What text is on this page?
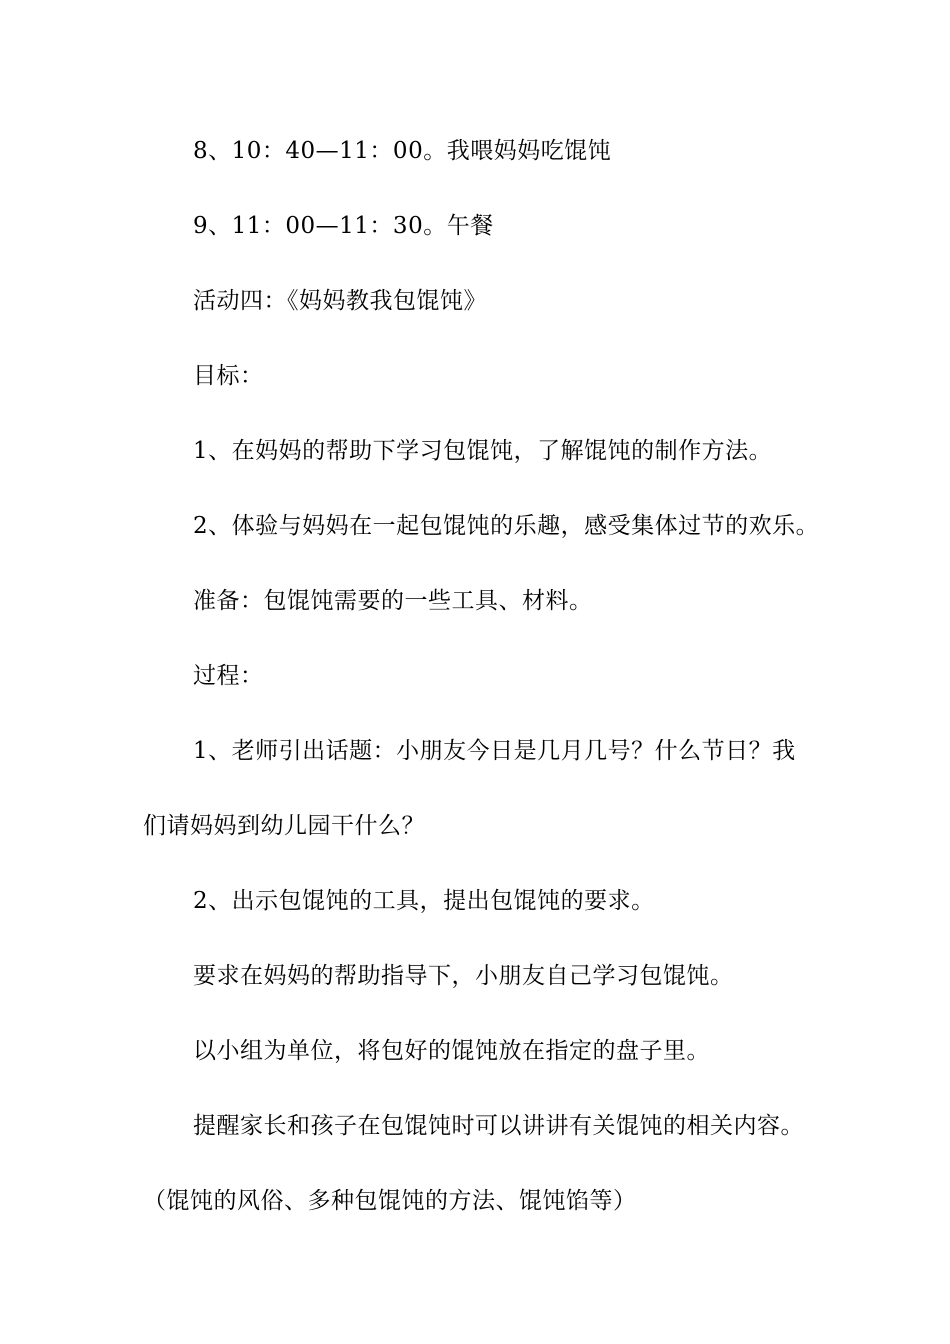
8、10：40—11：00。我喂妈妈吃馄饨
9、11：00—11：30。午餐
活动四：《妈妈教我包馄饨》
目标：
1、在妈妈的帮助下学习包馄饨，了解馄饨的制作方法。
2、体验与妈妈在一起包馄饨的乐趣，感受集体过节的欢乐。
准备：包馄饨需要的一些工具、材料。
过程：
1、老师引出话题：小朋友今日是几月几号？什么节日？我
们请妈妈到幼儿园干什么？
2、出示包馄饨的工具，提出包馄饨的要求。
要求在妈妈的帮助指导下，小朋友自己学习包馄饨。
以小组为单位，将包好的馄饨放在指定的盘子里。
提醒家长和孩子在包馄饨时可以讲讲有关馄饨的相关内容。
（馄饨的风俗、多种包馄饨的方法、馄饨馅等）
